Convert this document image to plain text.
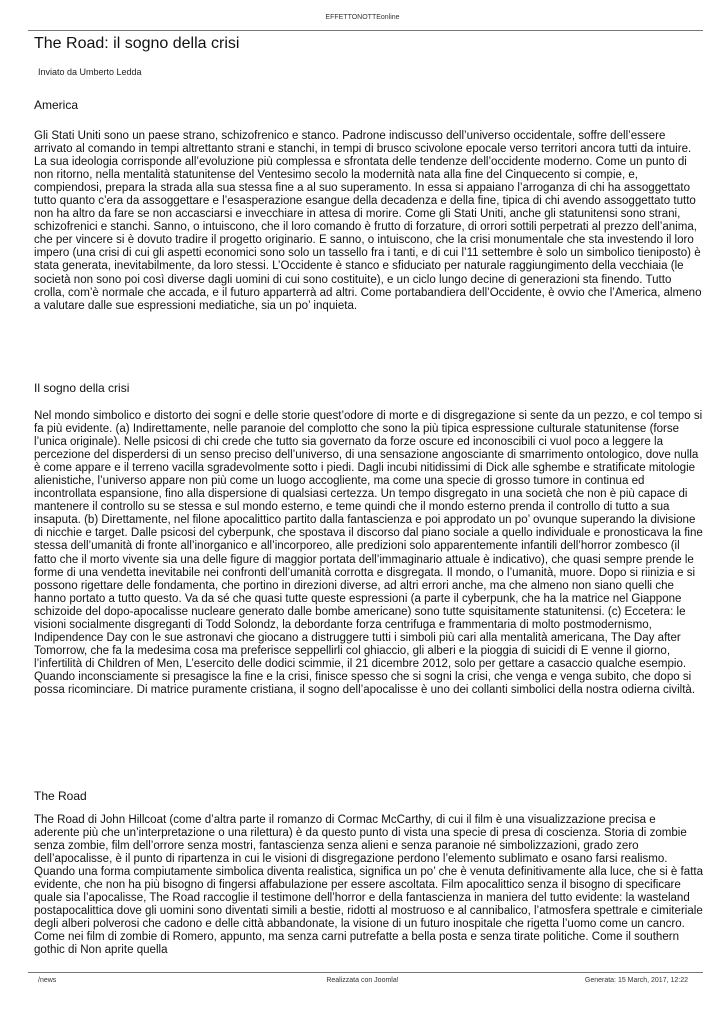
EFFETTONOTTEonline
The Road: il sogno della crisi
Inviato da Umberto Ledda
America

Gli Stati Uniti sono un paese strano, schizofrenico e stanco. Padrone indiscusso dell’universo occidentale, soffre dell’essere arrivato al comando in tempi altrettanto strani e stanchi, in tempi di brusco scivolone epocale verso territori ancora tutti da intuire. La sua ideologia corrisponde all’evoluzione più complessa e sfrontata delle tendenze dell’occidente moderno. Come un punto di non ritorno, nella mentalità statunitense del Ventesimo secolo la modernità nata alla fine del Cinquecento si compie, e, compiendosi, prepara la strada alla sua stessa fine a al suo superamento. In essa si appaiano l’arroganza di chi ha assoggettato tutto quanto c’era da assoggettare e l’esasperazione esangue della decadenza e della fine, tipica di chi avendo assoggettato tutto non ha altro da fare se non accasciarsi e invecchiare in attesa di morire. Come gli Stati Uniti, anche gli statunitensi sono strani, schizofrenici e stanchi. Sanno, o intuiscono, che il loro comando è frutto di forzature, di orrori sottili perpetrati al prezzo dell’anima, che per vincere si è dovuto tradire il progetto originario. E sanno, o intuiscono, che la crisi monumentale che sta investendo il loro impero (una crisi di cui gli aspetti economici sono solo un tassello fra i tanti, e di cui l’11 settembre è solo un simbolico tienipost​o) è stata generata, inevitabilmente, da loro stessi. L’Occidente è stanco e sfiduciato per naturale raggiungimento della vecchiaia (le società non sono poi così diverse dagli uomini di cui sono costituite), e un ciclo lungo decine di generazioni sta finendo. Tutto crolla, com’è normale che accada, e il futuro apparterrà ad altri. Come portabandiera dell’Occidente, è ovvio che l’America, almeno a valutare dalle sue espressioni mediatiche, sia un po’ inquieta.

Il sogno della crisi

Nel mondo simbolico e distorto dei sogni e delle storie quest’odore di morte e di disgregazione si sente da un pezzo, e col tempo si fa più evidente. (a) Indirettamente, nelle paranoie del complotto che sono la più tipica espressione culturale statunitense (forse l’unica originale). Nelle psicosi di chi crede che tutto sia governato da forze oscure ed inconoscibili ci vuol poco a leggere la percezione del disperdersi di un senso preciso dell’universo, di una sensazione angosciante di smarrimento ontologico, dove nulla è come appare e il terreno vacilla sgradevolmente sotto i piedi. Dagli incubi nitidissimi di Dick alle sghembe e stratificate mitologie alienistiche, l’universo appare non più come un luogo accogliente, ma come una specie di grosso tumore in continua ed incontrollata espansione, fino alla dispersione di qualsiasi certezza. Un tempo disgregato in una società che non è più capace di mantenere il controllo su se stessa e sul mondo esterno, e teme quindi che il mondo esterno prenda il controllo di tutto a sua insaputa. (b) Direttamente, nel filone apocalittico partito dalla fantascienza e poi approdato un po’ ovunque superando la divisione di nicchie e target. Dalle psicosi del cyberpunk, che spostava il discorso dal piano sociale a quello individuale e pronosticava la fine stessa dell’umanità di fronte all’inorganico e all’incorporeo, alle predizioni solo apparentemente infantili dell’horror zombesco (il fatto che il morto vivente sia una delle figure di maggior portata dell’immaginario attuale è indicativo), che quasi sempre prende le forme di una vendetta inevitabile nei confronti dell’umanità corrotta e disgregata. Il mondo, o l’umanità, muore. Dopo si riinizia e si possono rigettare delle fondamenta, che portino in direzioni diverse, ad altri errori anche, ma che almeno non siano quelli che hanno portato a tutto questo. Va da sé che quasi tutte queste espressioni (a parte il cyberpunk, che ha la matrice nel Giappone schizoide del dopo-apocalisse nucleare generato dalle bombe americane) sono tutte squisitamente statunitensi. (c) Eccetera: le visioni socialmente disgreganti di Todd Solondz, la debordante forza centrifuga e frammentaria di molto postmodernismo, Indipendence Day con le sue astronavi che giocano a distruggere tutti i simboli più cari alla mentalità americana, The Day after Tomorrow, che fa la medesima cosa ma preferisce seppellirli col ghiaccio, gli alberi e la pioggia di suicidi di E venne il giorno, l’infertilità di Children of Men, L’esercito delle dodici scimmie, il 21 dicembre 2012, solo per gettare a casaccio qualche esempio. Quando inconsciamente si presagisce la fine e la crisi, finisce spesso che si sogni la crisi, che venga e venga subito, che dopo si possa ricominciare. Di matrice puramente cristiana, il sogno dell’apocalisse è uno dei collanti simbolici della nostra odierna civiltà.

The Road

The Road di John Hillcoat (come d’altra parte il romanzo di Cormac McCarthy, di cui il film è una visualizzazione precisa e aderente più che un’interpretazione o una rilettura) è da questo punto di vista una specie di presa di coscienza. Storia di zombie senza zombie, film dell’orrore senza mostri, fantascienza senza alieni e senza paranoie né simbolizzazioni, grado zero dell’apocalisse, è il punto di ripartenza in cui le visioni di disgregazione perdono l’elemento sublimato e osano farsi realismo. Quando una forma compiutamente simbolica diventa realistica, significa un po’ che è venuta definitivamente alla luce, che si è fatta evidente, che non ha più bisogno di fingersi affabulazione per essere ascoltata. Film apocalittico senza il bisogno di specificare quale sia l’apocalisse, The Road raccoglie il testimone dell’horror e della fantascienza in maniera del tutto evidente: la wasteland postapocalittica dove gli uomini sono diventati simili a bestie, ridotti al mostruoso e al cannibalico, l’atmosfera spettrale e cimiteriale degli alberi polverosi che cadono e delle città abbandonate, la visione di un futuro inospitale che rigetta l’uomo come un cancro. Come nei film di zombie di Romero, appunto, ma senza carni putrefatte a bella posta e senza tirate politiche. Come il southern gothic di Non aprite quella

/news	Realizzata con Joomla!	Generata: 15 March, 2017, 12:22
